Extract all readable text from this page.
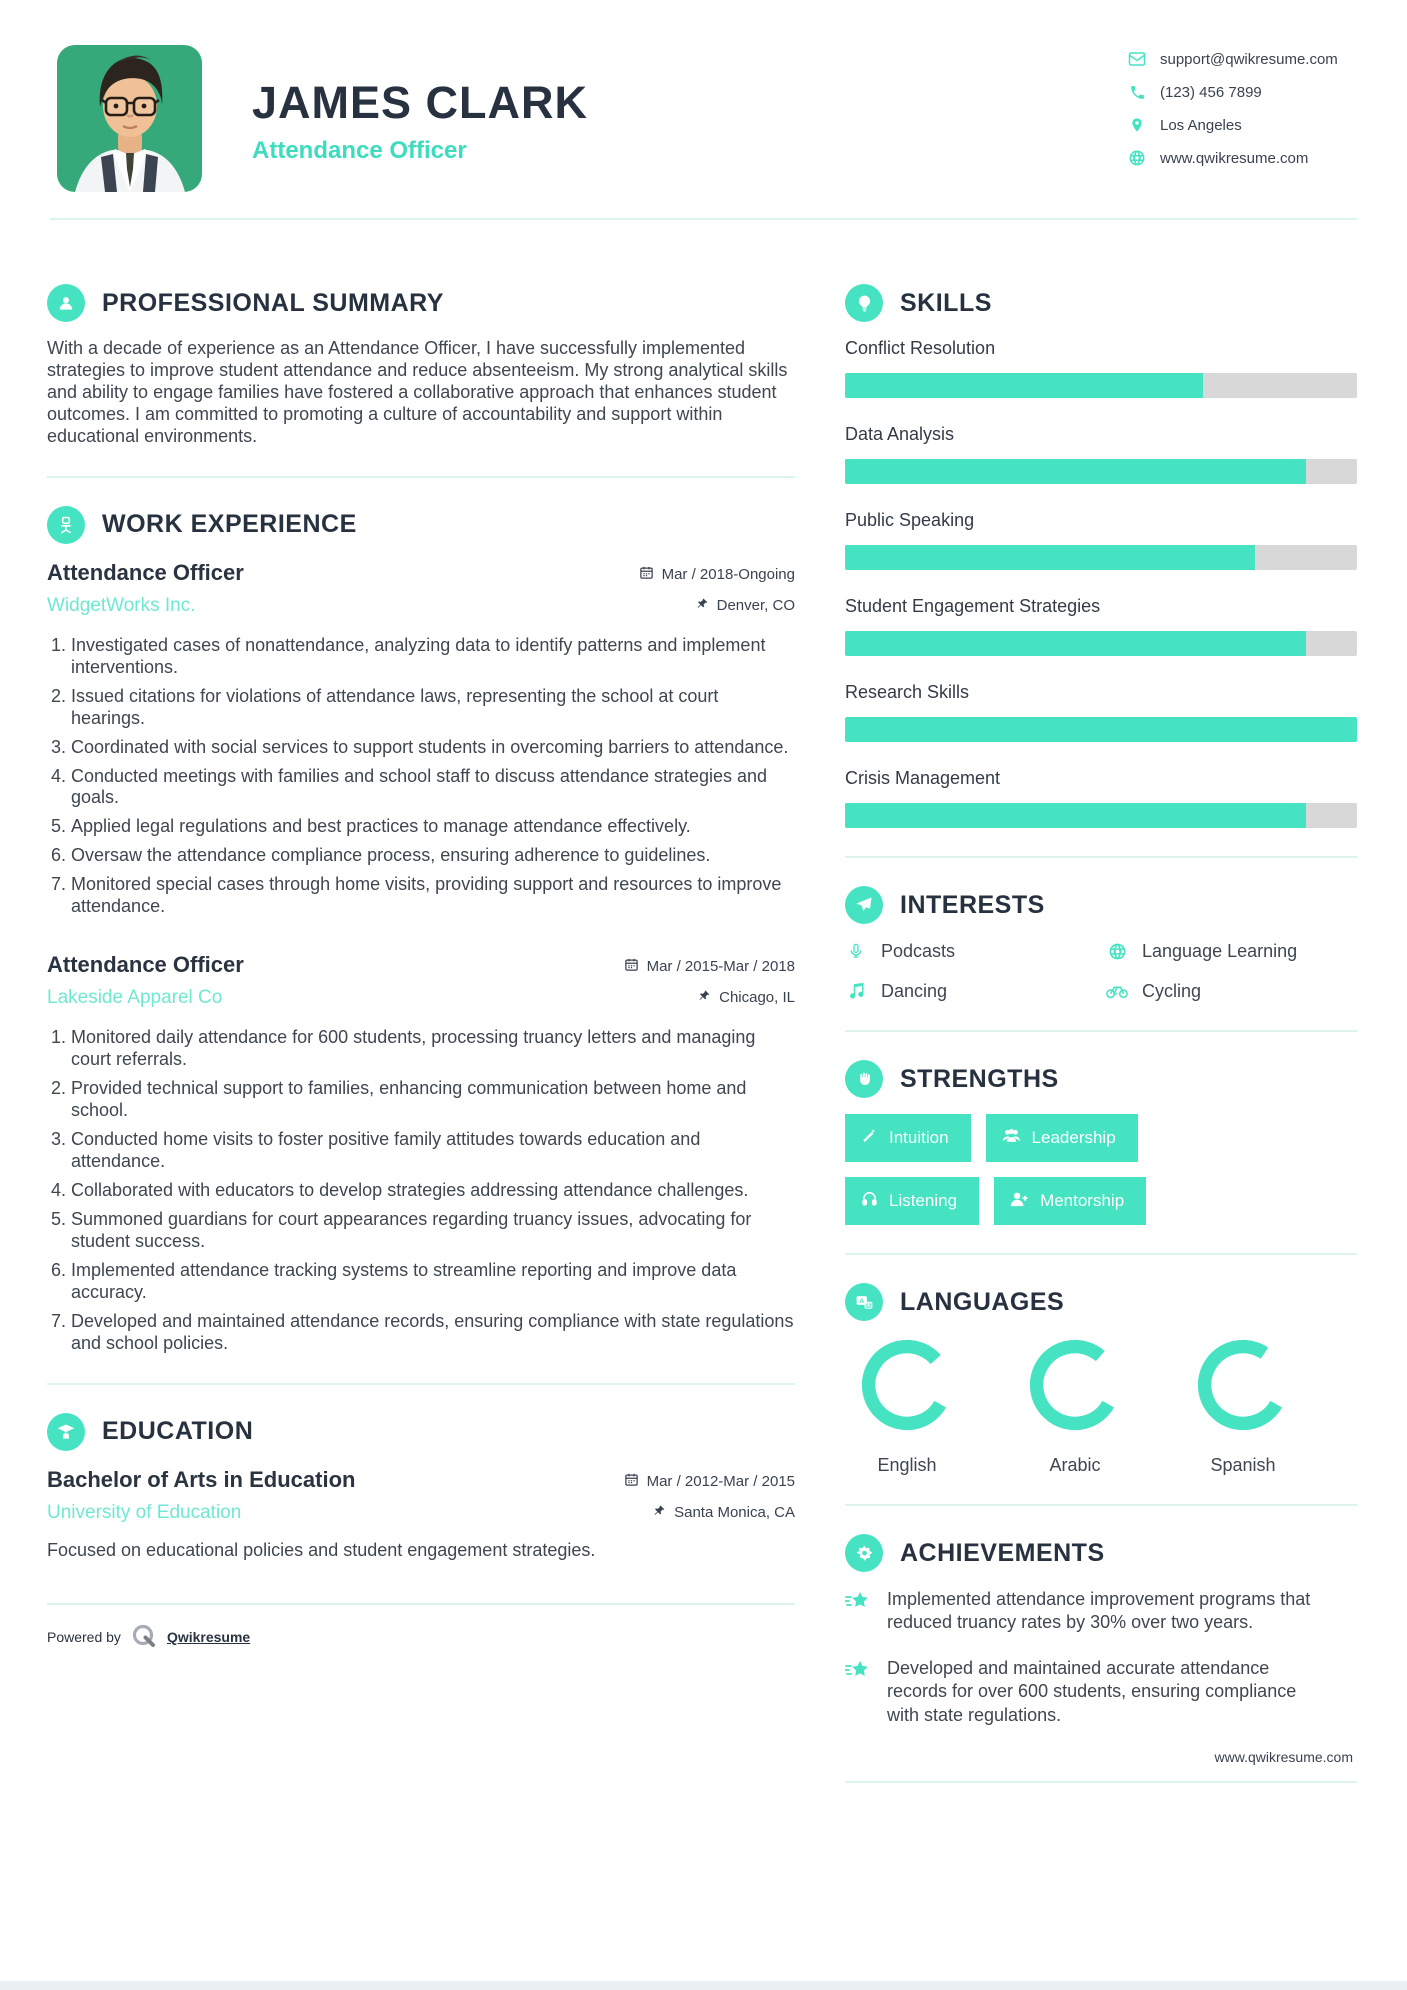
JAMES CLARK
Attendance Officer
support@qwikresume.com
(123) 456 7899
Los Angeles
www.qwikresume.com
PROFESSIONAL SUMMARY

With a decade of experience as an Attendance Officer, I have successfully implemented strategies to improve student attendance and reduce absenteeism. My strong analytical skills and ability to engage families have fostered a collaborative approach that enhances student outcomes. I am committed to promoting a culture of accountability and support within educational environments.

WORK EXPERIENCE
Attendance Officer	Mar / 2018-Ongoing
WidgetWorks Inc.	Denver, CO
1. Investigated cases of nonattendance, analyzing data to identify patterns and implement interventions.
2. Issued citations for violations of attendance laws, representing the school at court hearings.
3. Coordinated with social services to support students in overcoming barriers to attendance.
4. Conducted meetings with families and school staff to discuss attendance strategies and goals.
5. Applied legal regulations and best practices to manage attendance effectively.
6. Oversaw the attendance compliance process, ensuring adherence to guidelines.
7. Monitored special cases through home visits, providing support and resources to improve attendance.
Attendance Officer	Mar / 2015-Mar / 2018
Lakeside Apparel Co	Chicago, IL
1. Monitored daily attendance for 600 students, processing truancy letters and managing court referrals.
2. Provided technical support to families, enhancing communication between home and school.
3. Conducted home visits to foster positive family attitudes towards education and attendance.
4. Collaborated with educators to develop strategies addressing attendance challenges.
5. Summoned guardians for court appearances regarding truancy issues, advocating for student success.
6. Implemented attendance tracking systems to streamline reporting and improve data accuracy.
7. Developed and maintained attendance records, ensuring compliance with state regulations and school policies.
EDUCATION
Bachelor of Arts in Education	Mar / 2012-Mar / 2015
University of Education	Santa Monica, CA

Focused on educational policies and student engagement strategies.

Powered by	Qwikresume
SKILLS
Conflict Resolution
Data Analysis
Public Speaking
Student Engagement Strategies
Research Skills
Crisis Management
INTERESTS
Podcasts	Language Learning
Dancing	Cycling
STRENGTHS
Intuition	Leadership
Listening	Mentorship
A
12 LANGUAGES
English	Arabic	Spanish
ACHIEVEMENTS

Implemented attendance improvement programs that reduced truancy rates by 30% over two years.

Developed and maintained accurate attendance records for over 600 students, ensuring compliance with state regulations.

www.qwikresume.com
